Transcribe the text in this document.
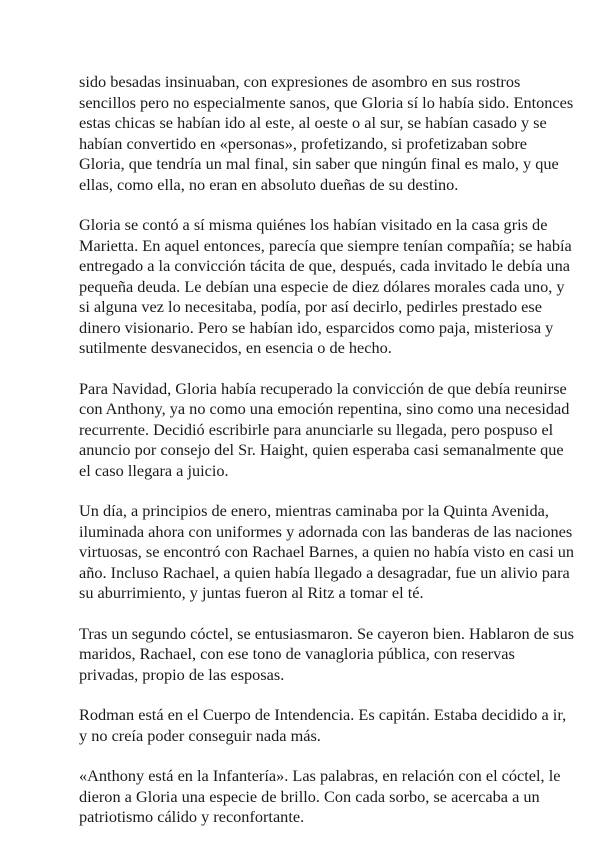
sido besadas insinuaban, con expresiones de asombro en sus rostros
sencillos pero no especialmente sanos, que Gloria sí lo había sido. Entonces
estas chicas se habían ido al este, al oeste o al sur, se habían casado y se
habían convertido en «personas», profetizando, si profetizaban sobre
Gloria, que tendría un mal final, sin saber que ningún final es malo, y que
ellas, como ella, no eran en absoluto dueñas de su destino.

Gloria se contó a sí misma quiénes los habían visitado en la casa gris de
Marietta. En aquel entonces, parecía que siempre tenían compañía; se había
entregado a la convicción tácita de que, después, cada invitado le debía una
pequeña deuda. Le debían una especie de diez dólares morales cada uno, y
si alguna vez lo necesitaba, podía, por así decirlo, pedirles prestado ese
dinero visionario. Pero se habían ido, esparcidos como paja, misteriosa y
sutilmente desvanecidos, en esencia o de hecho.

Para Navidad, Gloria había recuperado la convicción de que debía reunirse
con Anthony, ya no como una emoción repentina, sino como una necesidad
recurrente. Decidió escribirle para anunciarle su llegada, pero pospuso el
anuncio por consejo del Sr. Haight, quien esperaba casi semanalmente que
el caso llegara a juicio.

Un día, a principios de enero, mientras caminaba por la Quinta Avenida,
iluminada ahora con uniformes y adornada con las banderas de las naciones
virtuosas, se encontró con Rachael Barnes, a quien no había visto en casi un
año. Incluso Rachael, a quien había llegado a desagradar, fue un alivio para
su aburrimiento, y juntas fueron al Ritz a tomar el té.

Tras un segundo cóctel, se entusiasmaron. Se cayeron bien. Hablaron de sus
maridos, Rachael, con ese tono de vanagloria pública, con reservas
privadas, propio de las esposas.

Rodman está en el Cuerpo de Intendencia. Es capitán. Estaba decidido a ir,
y no creía poder conseguir nada más.

«Anthony está en la Infantería». Las palabras, en relación con el cóctel, le
dieron a Gloria una especie de brillo. Con cada sorbo, se acercaba a un
patriotismo cálido y reconfortante.
